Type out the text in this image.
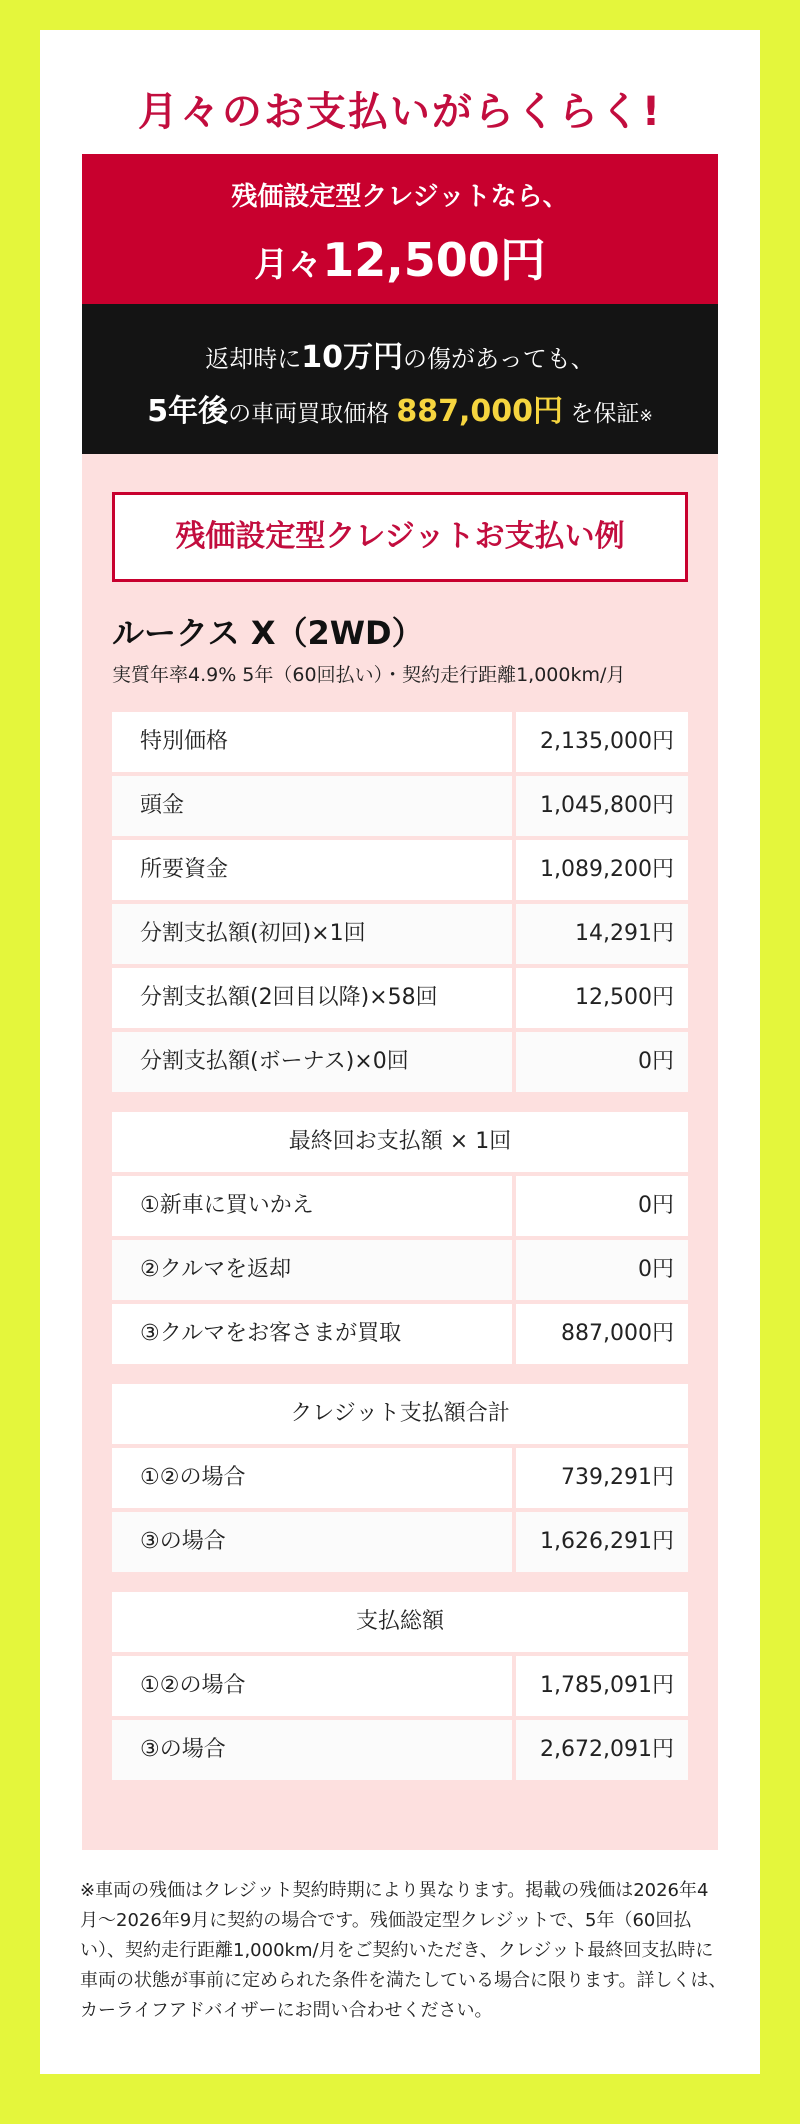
月々のお支払いがらくらく!
残価設定型クレジットなら、
月々12,500円
返却時に10万円の傷があっても、
5年後の車両買取価格 887,000円 を保証※
残価設定型クレジットお支払い例
ルークス X（2WD）
実質年率4.9% 5年（60回払い）・契約走行距離1,000km/月
特別価格	2,135,000円
頭金	1,045,800円
所要資金	1,089,200円
分割支払額(初回)×1回	14,291円
分割支払額(2回目以降)×58回	12,500円
分割支払額(ボーナス)×0回	0円
最終回お支払額 × 1回
①新車に買いかえ	0円
②クルマを返却	0円
③クルマをお客さまが買取	887,000円
クレジット支払額合計
①②の場合	739,291円
③の場合	1,626,291円
支払総額
①②の場合	1,785,091円
③の場合	2,672,091円
※車両の残価はクレジット契約時期により異なります。掲載の残価は2026年4月〜2026年9月に契約の場合です。残価設定型クレジットで、5年（60回払い）、契約走行距離1,000km/月をご契約いただき、クレジット最終回支払時に車両の状態が事前に定められた条件を満たしている場合に限ります。詳しくは、カーライフアドバイザーにお問い合わせください。
